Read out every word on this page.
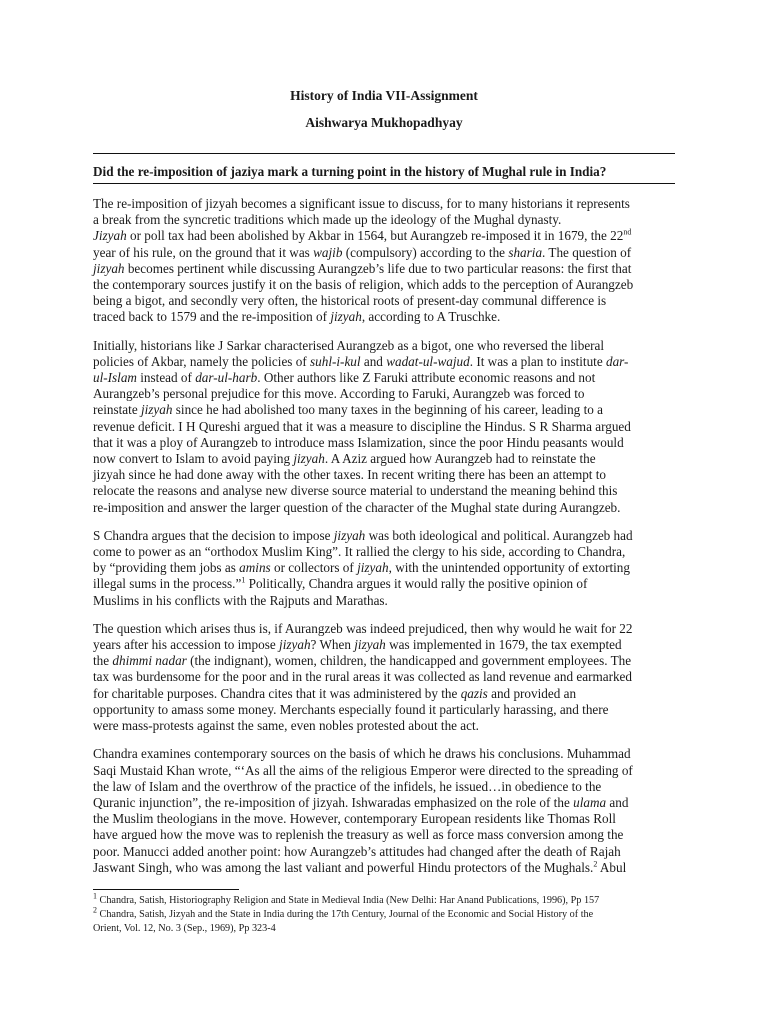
History of India VII-Assignment
Aishwarya Mukhopadhyay
Did the re-imposition of jaziya mark a turning point in the history of Mughal rule in India?
The re-imposition of jizyah becomes a significant issue to discuss, for to many historians it represents
a break from the syncretic traditions which made up the ideology of the Mughal dynasty.
Jizyah or poll tax had been abolished by Akbar in 1564, but Aurangzeb re-imposed it in 1679, the 22nd
year of his rule, on the ground that it was wajib (compulsory) according to the sharia. The question of
jizyah becomes pertinent while discussing Aurangzeb’s life due to two particular reasons: the first that
the contemporary sources justify it on the basis of religion, which adds to the perception of Aurangzeb
being a bigot, and secondly very often, the historical roots of present-day communal difference is
traced back to 1579 and the re-imposition of jizyah, according to A Truschke.
Initially, historians like J Sarkar characterised Aurangzeb as a bigot, one who reversed the liberal
policies of Akbar, namely the policies of suhl-i-kul and wadat-ul-wajud. It was a plan to institute dar-
ul-Islam instead of dar-ul-harb. Other authors like Z Faruki attribute economic reasons and not
Aurangzeb’s personal prejudice for this move. According to Faruki, Aurangzeb was forced to
reinstate jizyah since he had abolished too many taxes in the beginning of his career, leading to a
revenue deficit. I H Qureshi argued that it was a measure to discipline the Hindus. S R Sharma argued
that it was a ploy of Aurangzeb to introduce mass Islamization, since the poor Hindu peasants would
now convert to Islam to avoid paying jizyah. A Aziz argued how Aurangzeb had to reinstate the
jizyah since he had done away with the other taxes. In recent writing there has been an attempt to
relocate the reasons and analyse new diverse source material to understand the meaning behind this
re-imposition and answer the larger question of the character of the Mughal state during Aurangzeb.
S Chandra argues that the decision to impose jizyah was both ideological and political. Aurangzeb had
come to power as an “orthodox Muslim King”. It rallied the clergy to his side, according to Chandra,
by “providing them jobs as amins or collectors of jizyah, with the unintended opportunity of extorting
illegal sums in the process.”$^1$ Politically, Chandra argues it would rally the positive opinion of
Muslims in his conflicts with the Rajputs and Marathas.
The question which arises thus is, if Aurangzeb was indeed prejudiced, then why would he wait for 22
years after his accession to impose jizyah? When jizyah was implemented in 1679, the tax exempted
the dhimmi nadar (the indignant), women, children, the handicapped and government employees. The
tax was burdensome for the poor and in the rural areas it was collected as land revenue and earmarked
for charitable purposes. Chandra cites that it was administered by the qazis and provided an
opportunity to amass some money. Merchants especially found it particularly harassing, and there
were mass-protests against the same, even nobles protested about the act.
Chandra examines contemporary sources on the basis of which he draws his conclusions. Muhammad
Saqi Mustaid Khan wrote, “‘As all the aims of the religious Emperor were directed to the spreading of
the law of Islam and the overthrow of the practice of the infidels, he issued…in obedience to the
Quranic injunction”, the re-imposition of jizyah. Ishwaradas emphasized on the role of the ulama and
the Muslim theologians in the move. However, contemporary European residents like Thomas Roll
have argued how the move was to replenish the treasury as well as force mass conversion among the
poor. Manucci added another point: how Aurangzeb’s attitudes had changed after the death of Rajah
Jaswant Singh, who was among the last valiant and powerful Hindu protectors of the Mughals.$^2$ Abul
$^1$ Chandra, Satish, Historiography Religion and State in Medieval India (New Delhi: Har Anand Publications, 1996), Pp 157
$^2$ Chandra, Satish, Jizyah and the State in India during the 17th Century, Journal of the Economic and Social History of the
Orient, Vol. 12, No. 3 (Sep., 1969), Pp 323-4
